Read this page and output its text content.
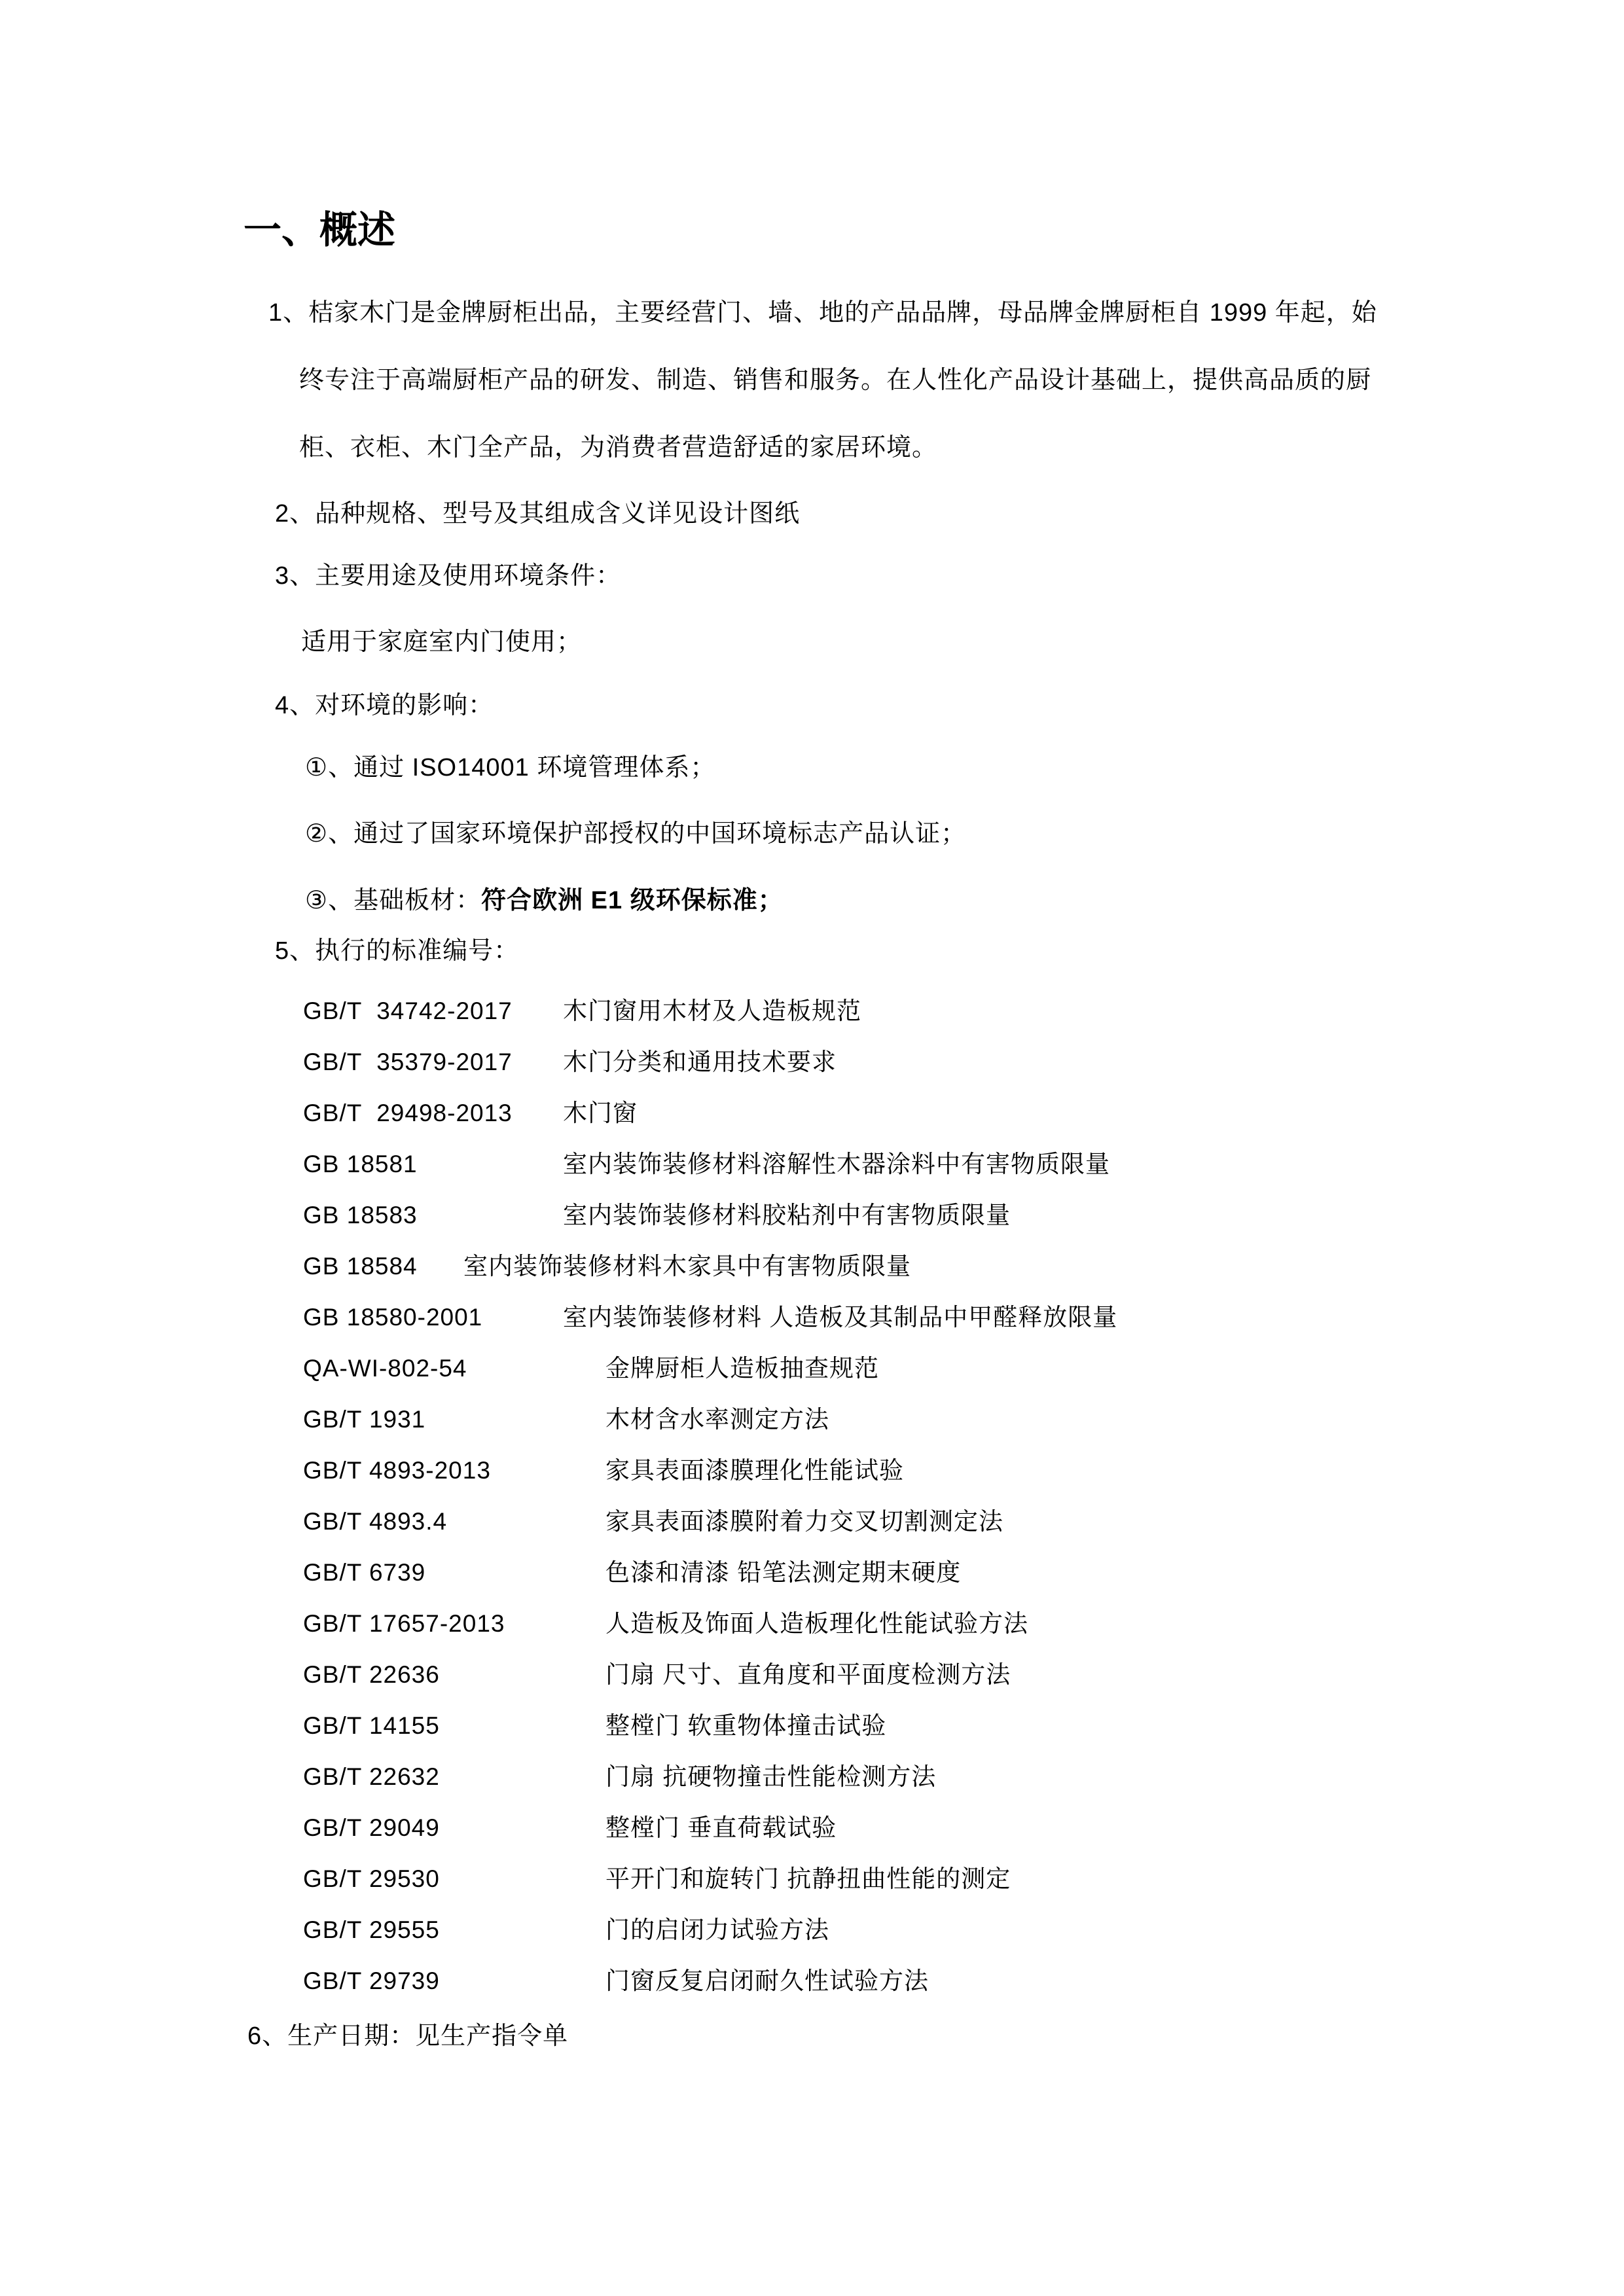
一、概述
1、桔家木门是金牌厨柜出品，主要经营门、墙、地的产品品牌，母品牌金牌厨柜自 1999 年起，始
终专注于高端厨柜产品的研发、制造、销售和服务。在人性化产品设计基础上，提供高品质的厨
柜、衣柜、木门全产品，为消费者营造舒适的家居环境。
2、品种规格、型号及其组成含义详见设计图纸
3、主要用途及使用环境条件：
适用于家庭室内门使用；
4、对环境的影响：
①、通过 ISO14001 环境管理体系；
②、通过了国家环境保护部授权的中国环境标志产品认证；
③、基础板材：符合欧洲 E1 级环保标准；
5、执行的标准编号：
GB/T  34742-2017 木门窗用木材及人造板规范
GB/T  35379-2017 木门分类和通用技术要求
GB/T  29498-2013 木门窗
GB 18581	室内装饰装修材料溶解性木器涂料中有害物质限量
GB 18583	室内装饰装修材料胶粘剂中有害物质限量
GB 18584 室内装饰装修材料木家具中有害物质限量
GB 18580-2001	室内装饰装修材料 人造板及其制品中甲醛释放限量
QA-WI-802-54	金牌厨柜人造板抽查规范
GB/T 1931	木材含水率测定方法
GB/T 4893-2013	家具表面漆膜理化性能试验
GB/T 4893.4	家具表面漆膜附着力交叉切割测定法
GB/T 6739	色漆和清漆 铅笔法测定期末硬度
GB/T 17657-2013	人造板及饰面人造板理化性能试验方法
GB/T 22636	门扇 尺寸、直角度和平面度检测方法
GB/T 14155	整樘门 软重物体撞击试验
GB/T 22632	门扇 抗硬物撞击性能检测方法
GB/T 29049	整樘门 垂直荷载试验
GB/T 29530	平开门和旋转门 抗静扭曲性能的测定
GB/T 29555	门的启闭力试验方法
GB/T 29739	门窗反复启闭耐久性试验方法
6、生产日期：见生产指令单
